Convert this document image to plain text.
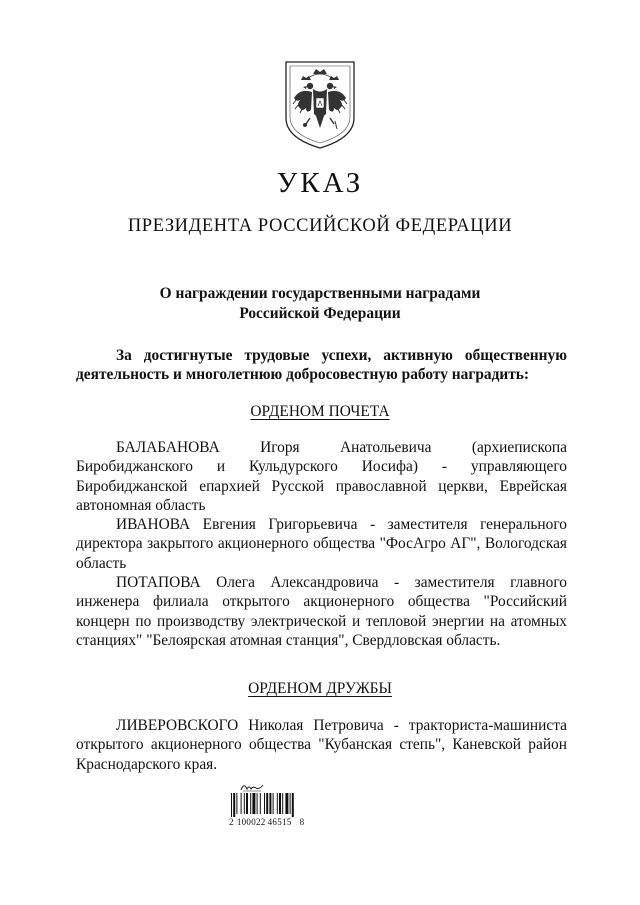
УКАЗ
ПРЕЗИДЕНТА РОССИЙСКОЙ ФЕДЕРАЦИИ
О награждении государственными наградами
Российской Федерации
За достигнутые трудовые успехи, активную общественную деятельность и многолетнюю добросовестную работу наградить:
ОРДЕНОМ ПОЧЕТА

БАЛАБАНОВА Игоря Анатольевича (архиепископа Биробиджанского и Кульдурского Иосифа) - управляющего Биробиджанской епархией Русской православной церкви, Еврейская автономная область

ИВАНОВА Евгения Григорьевича - заместителя генерального директора закрытого акционерного общества "ФосАгро АГ", Вологодская область

ПОТАПОВА Олега Александровича - заместителя главного инженера филиала открытого акционерного общества "Российский концерн по производству электрической и тепловой энергии на атомных станциях" "Белоярская атомная станция", Свердловская область.

ОРДЕНОМ ДРУЖБЫ

ЛИВЕРОВСКОГО Николая Петровича - тракториста-машиниста открытого акционерного общества "Кубанская степь", Каневской район Краснодарского края.

2 100022 46515 8
